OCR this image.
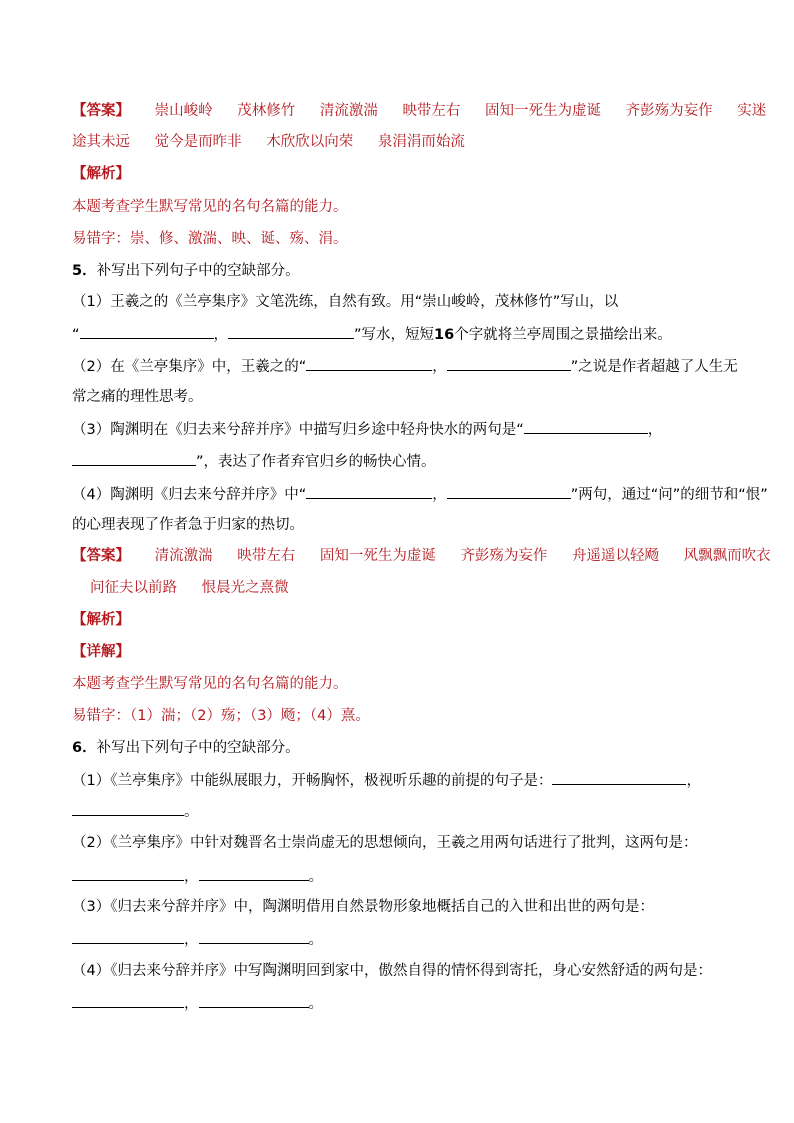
【答案】 崇山峻岭 茂林修竹 清流激湍 映带左右 固知一死生为虚诞 齐彭殇为妄作 实迷
途其未远 觉今是而昨非 木欣欣以向荣 泉涓涓而始流
【解析】
本题考查学生默写常见的名句名篇的能力。
易错字：崇、修、激湍、映、诞、殇、涓。
5．补写出下列句子中的空缺部分。
（1）王羲之的《兰亭集序》文笔洗练，自然有致。用“崇山峻岭，茂林修竹”写山，以
“	，	”写水，短短16个字就将兰亭周围之景描绘出来。
（2）在《兰亭集序》中，王羲之的“	，	”之说是作者超越了人生无
常之痛的理性思考。
（3）陶渊明在《归去来兮辞并序》中描写归乡途中轻舟快水的两句是“	，
”，表达了作者弃官归乡的畅快心情。
（4）陶渊明《归去来兮辞并序》中“	，	”两句，通过“问”的细节和“恨”
的心理表现了作者急于归家的热切。
【答案】 清流激湍 映带左右 固知一死生为虚诞 齐彭殇为妄作 舟遥遥以轻飏 风飘飘而吹衣
问征夫以前路 恨晨光之熹微
【解析】
【详解】
本题考查学生默写常见的名句名篇的能力。
易错字：（1）湍；（2）殇；（3）飏；（4）熹。
6．补写出下列句子中的空缺部分。
（1）《兰亭集序》中能纵展眼力，开畅胸怀，极视听乐趣的前提的句子是：	，
。
（2）《兰亭集序》中针对魏晋名士崇尚虚无的思想倾向，王羲之用两句话进行了批判，这两句是：
，	。
（3）《归去来兮辞并序》中，陶渊明借用自然景物形象地概括自己的入世和出世的两句是：
，	。
（4）《归去来兮辞并序》中写陶渊明回到家中，傲然自得的情怀得到寄托，身心安然舒适的两句是：
，	。
